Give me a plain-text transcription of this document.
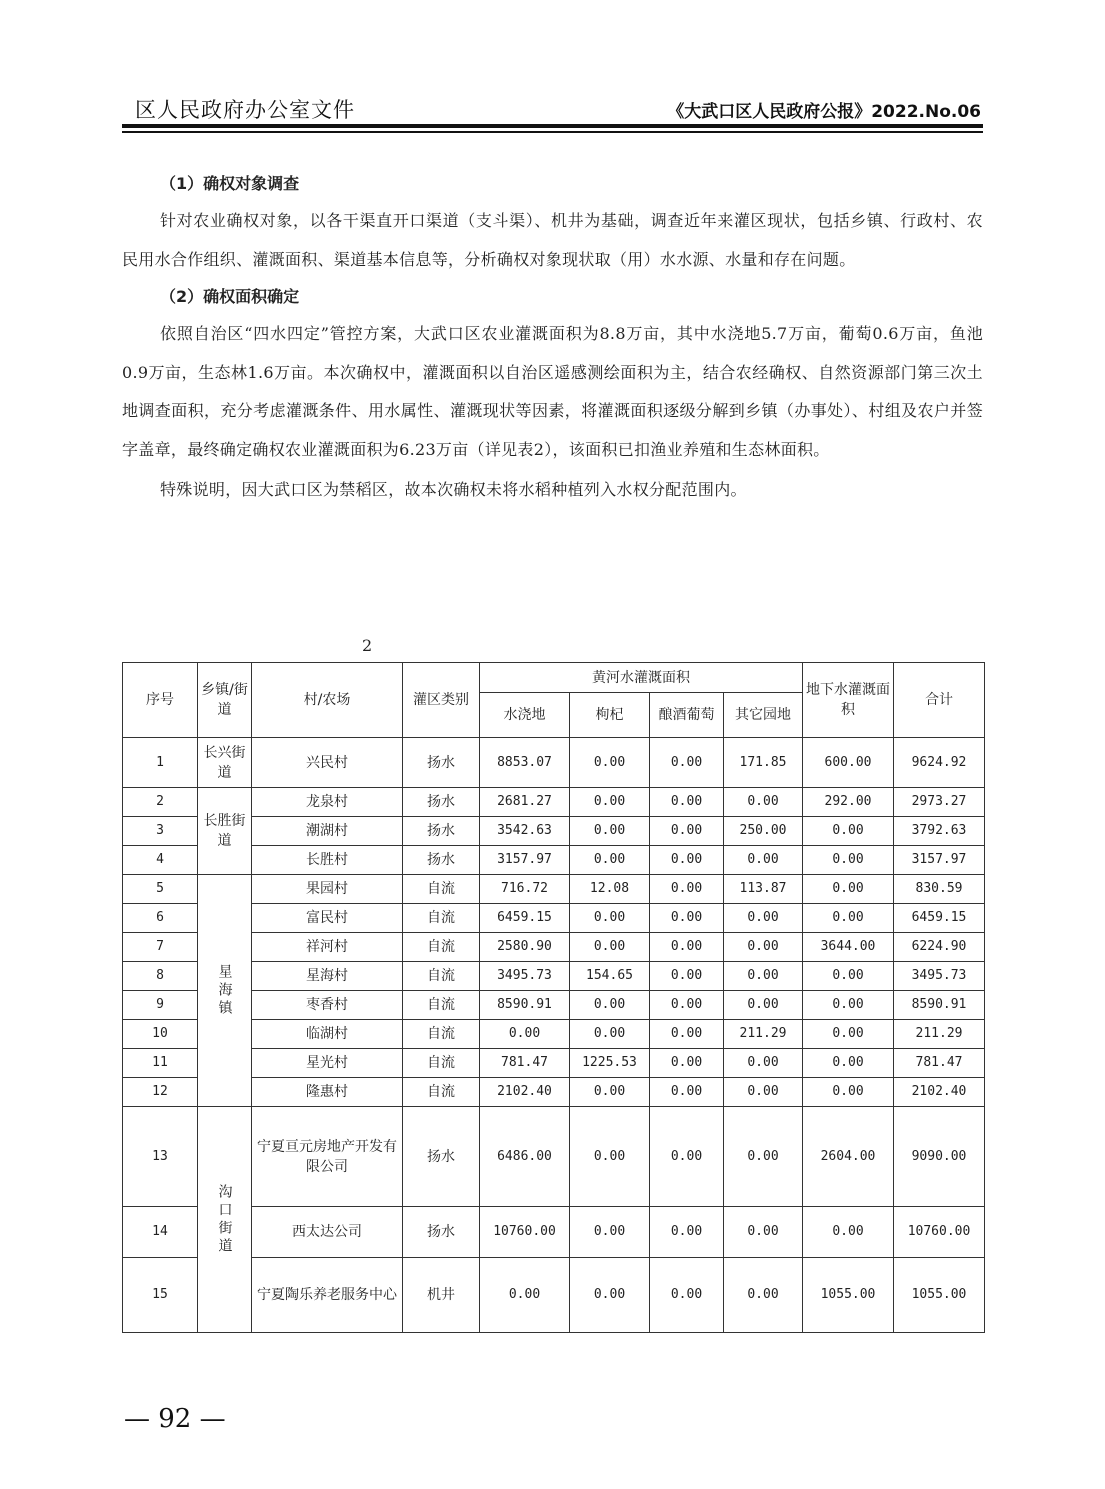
区人民政府办公室文件	《大武口区人民政府公报》2022.No.06

（1）确权对象调查

针对农业确权对象，以各干渠直开口渠道（支斗渠）、机井为基础，调查近年来灌区现状，包括乡镇、行政村、农民用水合作组织、灌溉面积、渠道基本信息等，分析确权对象现状取（用）水水源、水量和存在问题。

（2）确权面积确定

依照自治区“四水四定”管控方案，大武口区农业灌溉面积为8.8万亩，其中水浇地5.7万亩，葡萄0.6万亩，鱼池0.9万亩，生态林1.6万亩。本次确权中，灌溉面积以自治区遥感测绘面积为主，结合农经确权、自然资源部门第三次土地调查面积，充分考虑灌溉条件、用水属性、灌溉现状等因素，将灌溉面积逐级分解到乡镇（办事处）、村组及农户并签字盖章，最终确定确权农业灌溉面积为6.23万亩（详见表2），该面积已扣渔业养殖和生态林面积。

特殊说明，因大武口区为禁稻区，故本次确权未将水稻种植列入水权分配范围内。

2
序号	乡镇/街道	村/农场	灌区类别	黄河水灌溉面积				地下水灌溉面积	合计
				水浇地	枸杞	酿酒葡萄	其它园地		
1	长兴街道	兴民村	扬水	8853.07	0.00	0.00	171.85	600.00	9624.92
2	长胜街道	龙泉村	扬水	2681.27	0.00	0.00	0.00	292.00	2973.27
3		潮湖村	扬水	3542.63	0.00	0.00	250.00	0.00	3792.63
4		长胜村	扬水	3157.97	0.00	0.00	0.00	0.00	3157.97
5	星海镇	果园村	自流	716.72	12.08	0.00	113.87	0.00	830.59
6		富民村	自流	6459.15	0.00	0.00	0.00	0.00	6459.15
7		祥河村	自流	2580.90	0.00	0.00	0.00	3644.00	6224.90
8		星海村	自流	3495.73	154.65	0.00	0.00	0.00	3495.73
9		枣香村	自流	8590.91	0.00	0.00	0.00	0.00	8590.91
10		临湖村	自流	0.00	0.00	0.00	211.29	0.00	211.29
11		星光村	自流	781.47	1225.53	0.00	0.00	0.00	781.47
12		隆惠村	自流	2102.40	0.00	0.00	0.00	0.00	2102.40
13	沟口街道	宁夏亘元房地产开发有限公司	扬水	6486.00	0.00	0.00	0.00	2604.00	9090.00
14		西太达公司	扬水	10760.00	0.00	0.00	0.00	0.00	10760.00
15		宁夏陶乐养老服务中心	机井	0.00	0.00	0.00	0.00	1055.00	1055.00
— 92 —
